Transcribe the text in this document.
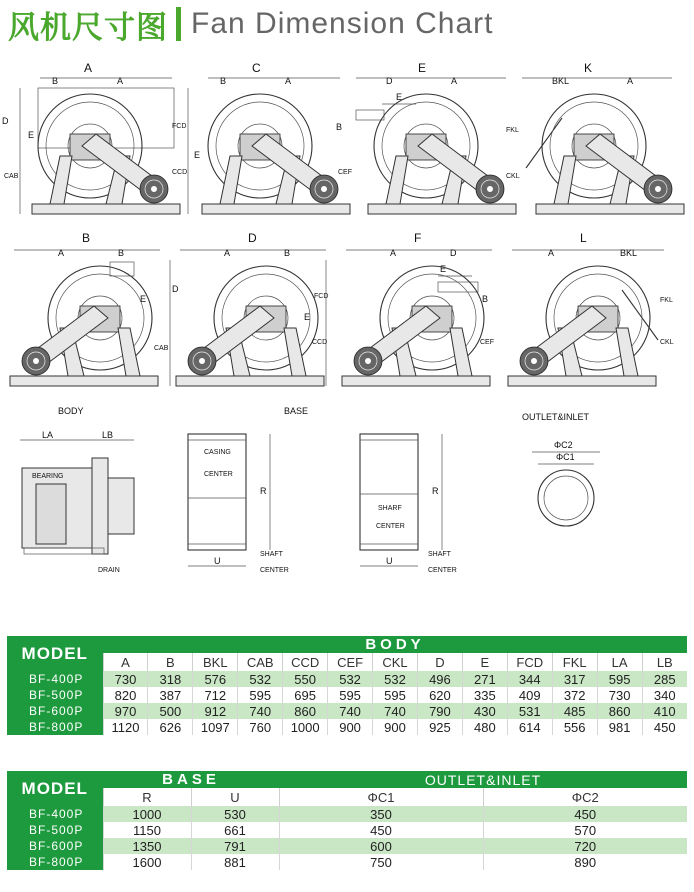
风机尺寸图 Fan Dimension Chart
A
B	A
D
E
CAB
C
B	A
FCD
E
CCD
E
D	A
E
B
CEF
K
BKL	A
FKL
CKL
B
A	B
D
E
CAB
D
A	B
FCD
E
CCD
F
A	D
E
B
CEF
L
A	BKL
FKL
CKL
BODY
LA	LB
BEARING
DRAIN
BASE
CASING
CENTER
R
U
SHAFT
CENTER
SHARF
CENTER
R
U
SHAFT
CENTER
OUTLET&INLET
ΦC2
ΦC1
MODEL	BODY												
	A	B	BKL	CAB	CCD	CEF	CKL	D	E	FCD	FKL	LA	LB
BF-400P	730	318	576	532	550	532	532	496	271	344	317	595	285
BF-500P	820	387	712	595	695	595	595	620	335	409	372	730	340
BF-600P	970	500	912	740	860	740	740	790	430	531	485	860	410
BF-800P	1120	626	1097	760	1000	900	900	925	480	614	556	981	450
MODEL	BASE		OUTLET&INLET	
	R	U	ΦC1	ΦC2
BF-400P	1000	530	350	450
BF-500P	1150	661	450	570
BF-600P	1350	791	600	720
BF-800P	1600	881	750	890
